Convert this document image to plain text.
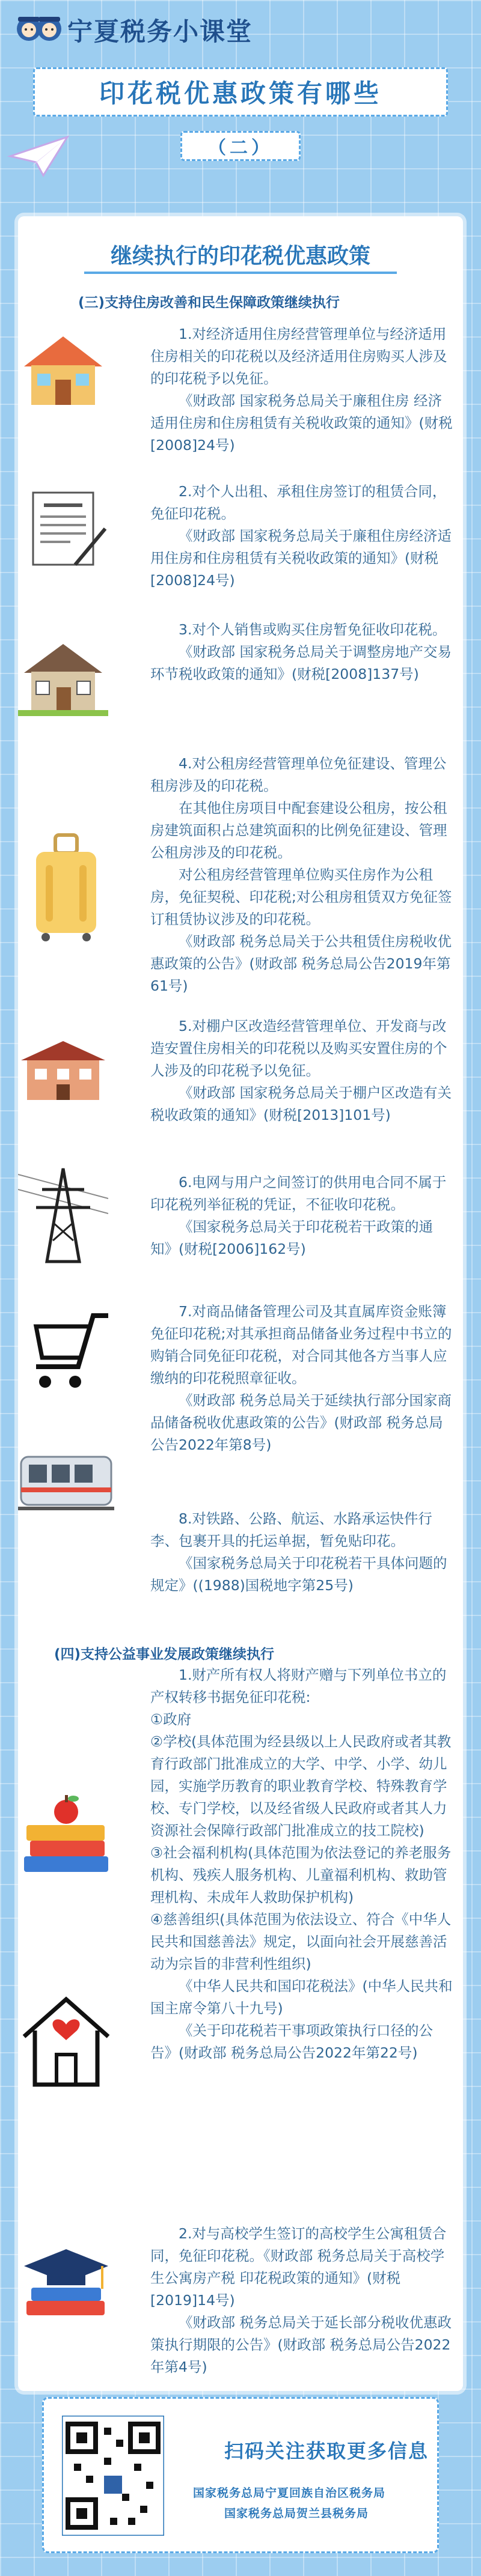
宁夏税务小课堂
印花税优惠政策有哪些
（二）
继续执行的印花税优惠政策
(三)支持住房改善和民生保障政策继续执行

1.对经济适用住房经营管理单位与经济适用住房相关的印花税以及经济适用住房购买人涉及的印花税予以免征。

《财政部 国家税务总局关于廉租住房 经济适用住房和住房租赁有关税收政策的通知》(财税[2008]24号)

2.对个人出租、承租住房签订的租赁合同，免征印花税。

《财政部 国家税务总局关于廉租住房经济适用住房和住房租赁有关税收政策的通知》(财税[2008]24号)

3.对个人销售或购买住房暂免征收印花税。

《财政部 国家税务总局关于调整房地产交易环节税收政策的通知》(财税[2008]137号)

4.对公租房经营管理单位免征建设、管理公租房涉及的印花税。

在其他住房项目中配套建设公租房，按公租房建筑面积占总建筑面积的比例免征建设、管理公租房涉及的印花税。

对公租房经营管理单位购买住房作为公租房，免征契税、印花税;对公租房租赁双方免征签订租赁协议涉及的印花税。

《财政部 税务总局关于公共租赁住房税收优惠政策的公告》(财政部 税务总局公告2019年第61号)

5.对棚户区改造经营管理单位、开发商与改造安置住房相关的印花税以及购买安置住房的个人涉及的印花税予以免征。

《财政部 国家税务总局关于棚户区改造有关税收政策的通知》(财税[2013]101号)

6.电网与用户之间签订的供用电合同不属于印花税列举征税的凭证，不征收印花税。

《国家税务总局关于印花税若干政策的通知》(财税[2006]162号)

7.对商品储备管理公司及其直属库资金账簿免征印花税;对其承担商品储备业务过程中书立的购销合同免征印花税，对合同其他各方当事人应缴纳的印花税照章征收。

《财政部 税务总局关于延续执行部分国家商品储备税收优惠政策的公告》(财政部 税务总局公告2022年第8号)

8.对铁路、公路、航运、水路承运快件行李、包裹开具的托运单据，暂免贴印花。

《国家税务总局关于印花税若干具体问题的规定》((1988)国税地字第25号)

(四)支持公益事业发展政策继续执行

1.财产所有权人将财产赠与下列单位书立的产权转移书据免征印花税:

①政府
②学校(具体范围为经县级以上人民政府或者其教育行政部门批准成立的大学、中学、小学、幼儿园，实施学历教育的职业教育学校、特殊教育学校、专门学校，以及经省级人民政府或者其人力资源社会保障行政部门批准成立的技工院校)
③社会福利机构(具体范围为依法登记的养老服务机构、残疾人服务机构、儿童福利机构、救助管理机构、未成年人救助保护机构)
④慈善组织(具体范围为依法设立、符合《中华人民共和国慈善法》规定，以面向社会开展慈善活动为宗旨的非营利性组织)

《中华人民共和国印花税法》(中华人民共和国主席令第八十九号)

《关于印花税若干事项政策执行口径的公告》(财政部 税务总局公告2022年第22号)

2.对与高校学生签订的高校学生公寓租赁合同，免征印花税。《财政部 税务总局关于高校学生公寓房产税 印花税政策的通知》(财税[2019]14号)

《财政部 税务总局关于延长部分税收优惠政策执行期限的公告》(财政部 税务总局公告2022年第4号)

扫码关注获取更多信息
国家税务总局宁夏回族自治区税务局
国家税务总局贺兰县税务局
